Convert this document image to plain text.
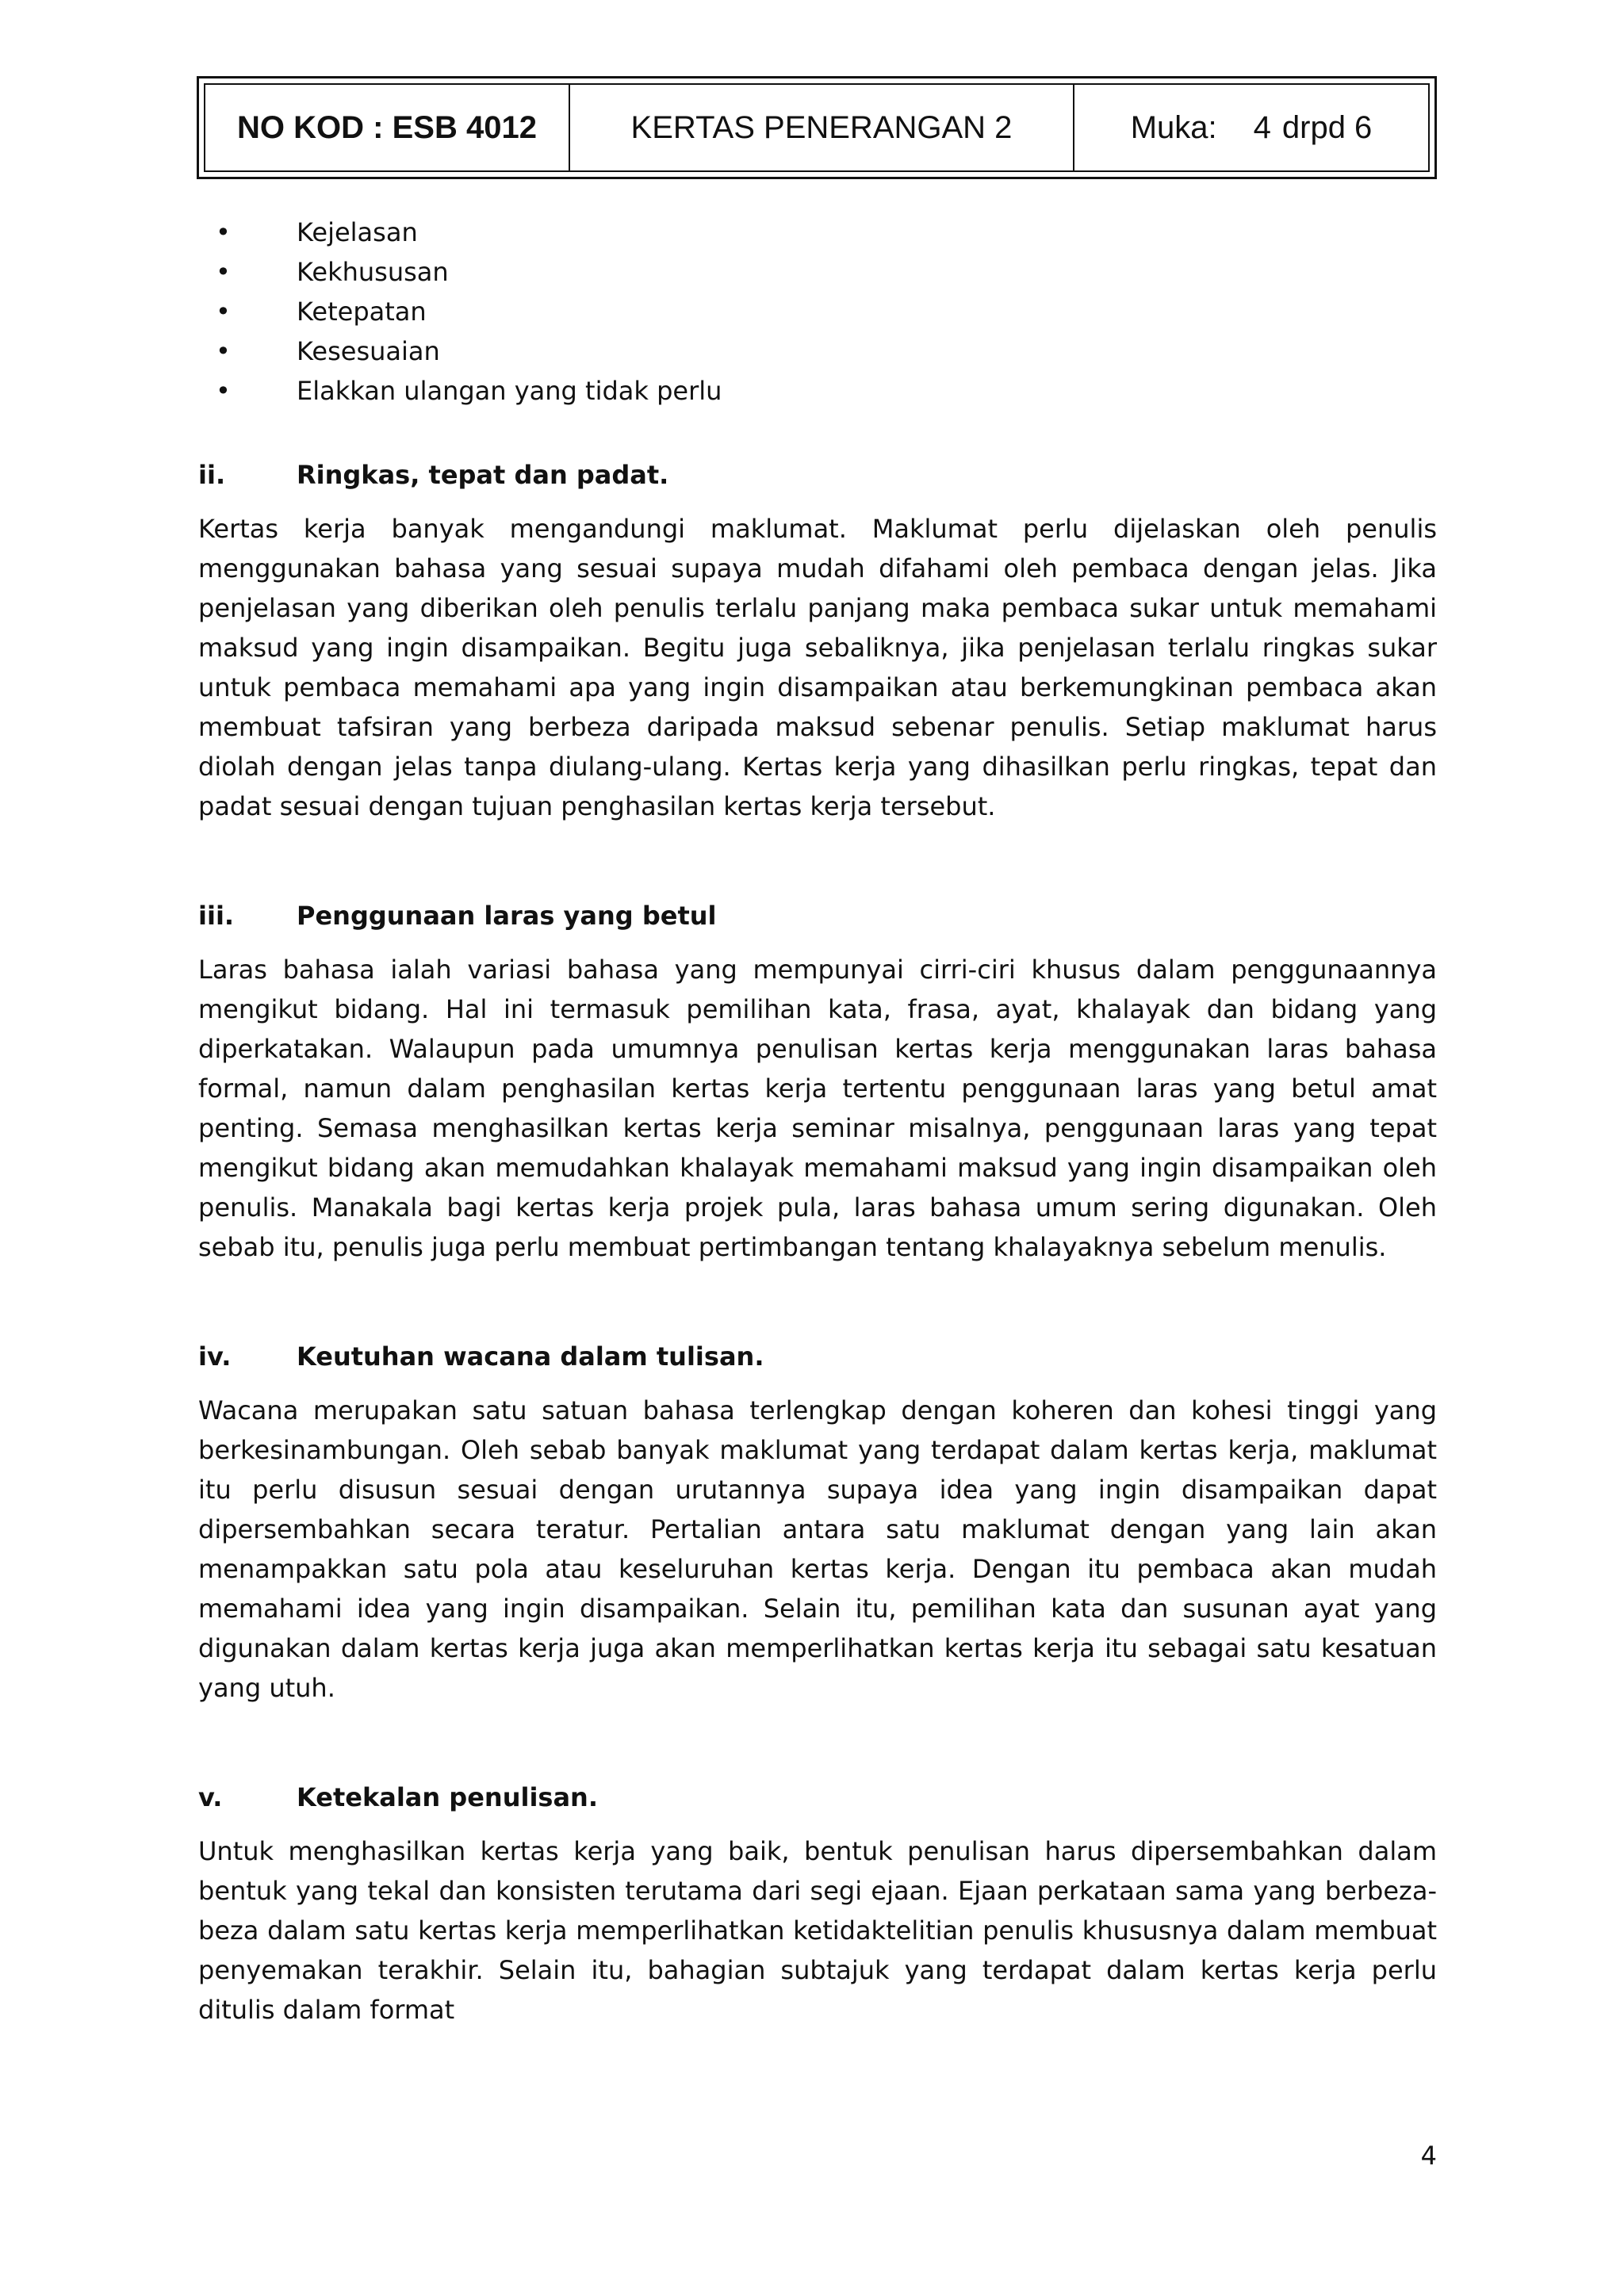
NO KOD : ESB 4012	KERTAS PENERANGAN 2	Muka: 4 drpd 6
•	Kejelasan
•	Kekhususan
•	Ketepatan
•	Kesesuaian
•	Elakkan ulangan yang tidak perlu
ii.	Ringkas, tepat dan padat.

Kertas kerja banyak mengandungi maklumat. Maklumat perlu dijelaskan oleh penulis menggunakan bahasa yang sesuai supaya mudah difahami oleh pembaca dengan jelas. Jika penjelasan yang diberikan oleh penulis terlalu panjang maka pembaca sukar untuk memahami maksud yang ingin disampaikan. Begitu juga sebaliknya, jika penjelasan terlalu ringkas sukar untuk pembaca memahami apa yang ingin disampaikan atau berkemungkinan pembaca akan membuat tafsiran yang berbeza daripada maksud sebenar penulis. Setiap maklumat harus diolah dengan jelas tanpa diulang-ulang. Kertas kerja yang dihasilkan perlu ringkas, tepat dan padat sesuai dengan tujuan penghasilan kertas kerja tersebut.

iii.	Penggunaan laras yang betul

Laras bahasa ialah variasi bahasa yang mempunyai cirri-ciri khusus dalam penggunaannya mengikut bidang. Hal ini termasuk pemilihan kata, frasa, ayat, khalayak dan bidang yang diperkatakan. Walaupun pada umumnya penulisan kertas kerja menggunakan laras bahasa formal, namun dalam penghasilan kertas kerja tertentu penggunaan laras yang betul amat penting. Semasa menghasilkan kertas kerja seminar misalnya, penggunaan laras yang tepat mengikut bidang akan memudahkan khalayak memahami maksud yang ingin disampaikan oleh penulis. Manakala bagi kertas kerja projek pula, laras bahasa umum sering digunakan. Oleh sebab itu, penulis juga perlu membuat pertimbangan tentang khalayaknya sebelum menulis.

iv.	Keutuhan wacana dalam tulisan.

Wacana merupakan satu satuan bahasa terlengkap dengan koheren dan kohesi tinggi yang berkesinambungan. Oleh sebab banyak maklumat yang terdapat dalam kertas kerja, maklumat itu perlu disusun sesuai dengan urutannya supaya idea yang ingin disampaikan dapat dipersembahkan secara teratur. Pertalian antara satu maklumat dengan yang lain akan menampakkan satu pola atau keseluruhan kertas kerja. Dengan itu pembaca akan mudah memahami idea yang ingin disampaikan. Selain itu, pemilihan kata dan susunan ayat yang digunakan dalam kertas kerja juga akan memperlihatkan kertas kerja itu sebagai satu kesatuan yang utuh.

v.	Ketekalan penulisan.

Untuk menghasilkan kertas kerja yang baik, bentuk penulisan harus dipersembahkan dalam bentuk yang tekal dan konsisten terutama dari segi ejaan. Ejaan perkataan sama yang berbeza-beza dalam satu kertas kerja memperlihatkan ketidaktelitian penulis khususnya dalam membuat penyemakan terakhir. Selain itu, bahagian subtajuk yang terdapat dalam kertas kerja perlu ditulis dalam format

4
